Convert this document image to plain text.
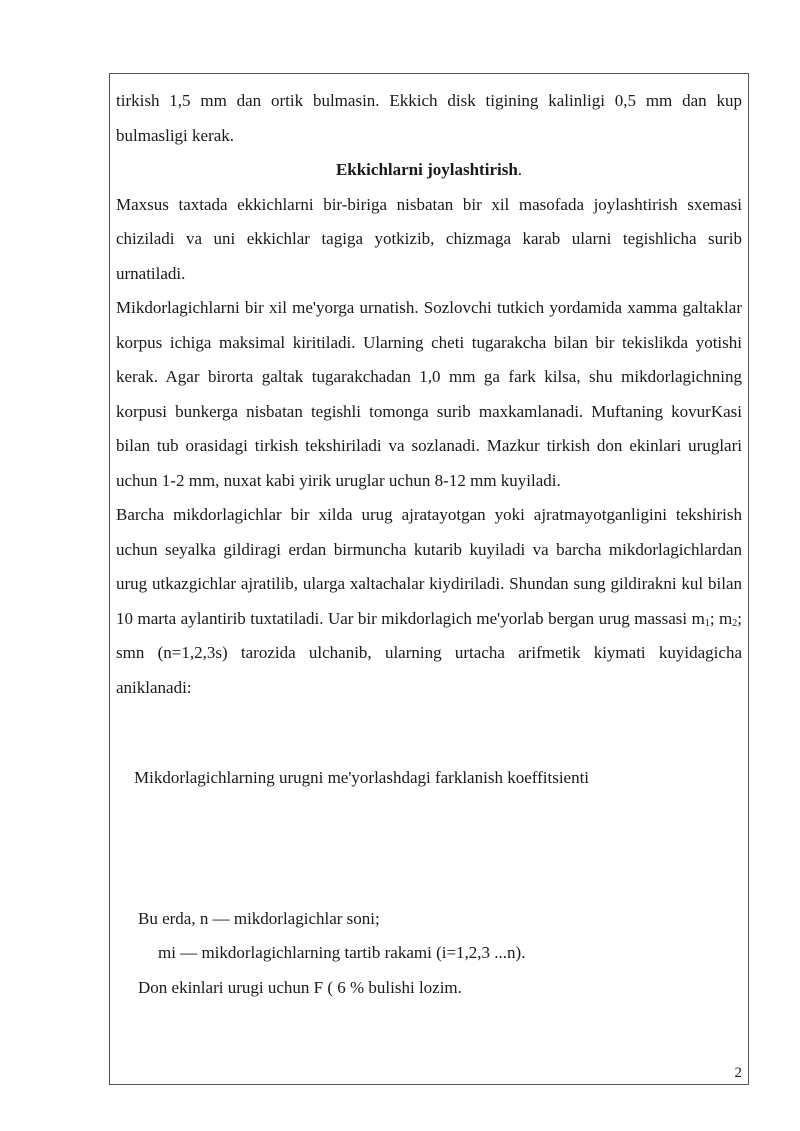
tirkish 1,5 mm dan ortik bulmasin. Ekkich disk tigining kalinligi 0,5 mm dan kup bulmasligi kerak.

Ekkichlarni joylashtirish.

Maxsus taxtada ekkichlarni bir-biriga nisbatan bir xil masofada joylashtirish sxemasi chiziladi va uni ekkichlar tagiga yotkizib, chizmaga karab ularni tegishlicha surib urnatiladi.

Mikdorlagichlarni bir xil me'yorga urnatish. Sozlovchi tutkich yordamida xamma galtaklar korpus ichiga maksimal kiritiladi. Ularning cheti tugarakcha bilan bir tekislikda yotishi kerak. Agar birorta galtak tugarakchadan 1,0 mm ga fark kilsa, shu mikdorlagichning korpusi bunkerga nisbatan tegishli tomonga surib maxkamlanadi. Muftaning kovurKasi bilan tub orasidagi tirkish tekshiriladi va sozlanadi. Mazkur tirkish don ekinlari uruglari uchun 1-2 mm, nuxat kabi yirik uruglar uchun 8-12 mm kuyiladi.

Barcha mikdorlagichlar bir xilda urug ajratayotgan yoki ajratmayotganligini tekshirish uchun seyalka gildiragi erdan birmuncha kutarib kuyiladi va barcha mikdorlagichlardan urug utkazgichlar ajratilib, ularga xaltachalar kiydiriladi. Shundan sung gildirakni kul bilan 10 marta aylantirib tuxtatiladi. Uar bir mikdorlagich me'yorlab bergan urug massasi $m_1$; $m_2$; smn (n=1,2,3s) tarozida ulchanib, ularning urtacha arifmetik kiymati kuyidagicha aniklanadi:

Mikdorlagichlarning urugni me'yorlashdagi farklanish koeffitsienti

Bu erda, n — mikdorlagichlar soni;

mi — mikdorlagichlarning tartib rakami (i=1,2,3 ...n).

Don ekinlari urugi uchun F ( 6 % bulishi lozim.

2
